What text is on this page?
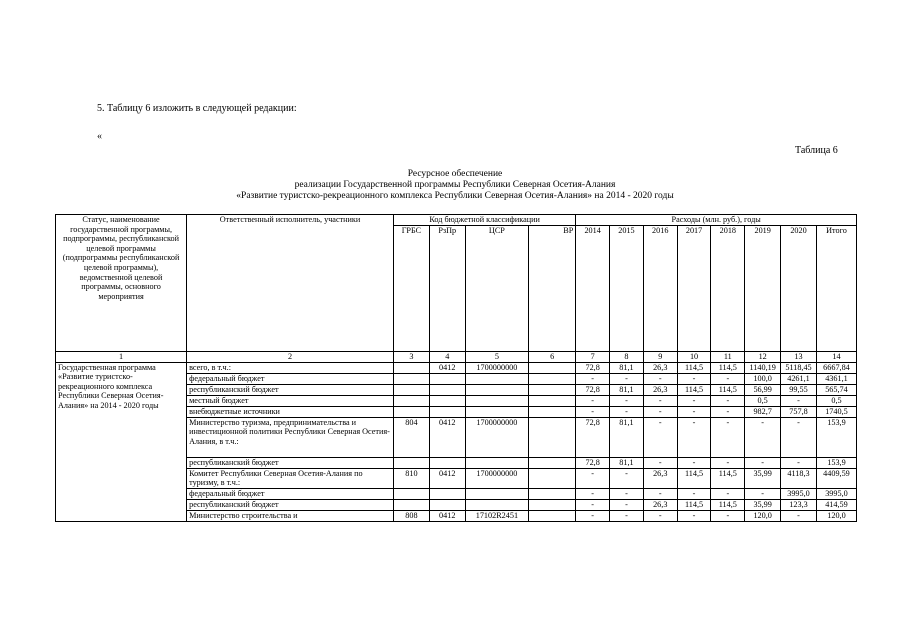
5. Таблицу 6 изложить в следующей редакции:
«
Таблица 6
Ресурсное обеспечение
реализации Государственной программы Республики Северная Осетия-Алания
«Развитие туристско-рекреационного комплекса Республики Северная Осетия-Алания» на 2014 - 2020 годы
Статус, наименование государственной программы, подпрограммы, республиканской целевой программы (подпрограммы республиканской целевой программы), ведомственной целевой программы, основного мероприятия	Ответственный исполнитель, участники	Код бюджетной классификации				Расходы (млн. руб.), годы							
		ГРБС	РзПр	ЦСР	ВР	2014	2015	2016	2017	2018	2019	2020	Итого
1	2	3	4	5	6	7	8	9	10	11	12	13	14
Государственная программа «Развитие туристско-рекреационного комплекса Республики Северная Осетия-Алания» на 2014 - 2020 годы	всего, в т.ч.:		0412	1700000000		72,8	81,1	26,3	114,5	114,5	1140,19	5118,45	6667,84
	федеральный бюджет					-	-	-	-	-	100,0	4261,1	4361,1
	республиканский бюджет					72,8	81,1	26,3	114,5	114,5	56,99	99,55	565,74
	местный бюджет					-	-	-	-	-	0,5	-	0,5
	внебюджетные источники					-	-	-	-	-	982,7	757,8	1740,5
	Министерство туризма, предпринимательства и инвестиционной политики Республики Северная Осетия-Алания, в т.ч.:	804	0412	1700000000		72,8	81,1	-	-	-	-	-	153,9
	республиканский бюджет					72,8	81,1	-	-	-	-	-	153,9
	Комитет Республики Северная Осетия-Алания по туризму, в т.ч.:	810	0412	1700000000		-	-	26,3	114,5	114,5	35,99	4118,3	4409,59
	федеральный бюджет					-	-	-	-	-	-	3995,0	3995,0
	республиканский бюджет					-	-	26,3	114,5	114,5	35,99	123,3	414,59
	Министерство строительства и	808	0412	17102R2451		-	-	-	-	-	120,0	-	120,0
